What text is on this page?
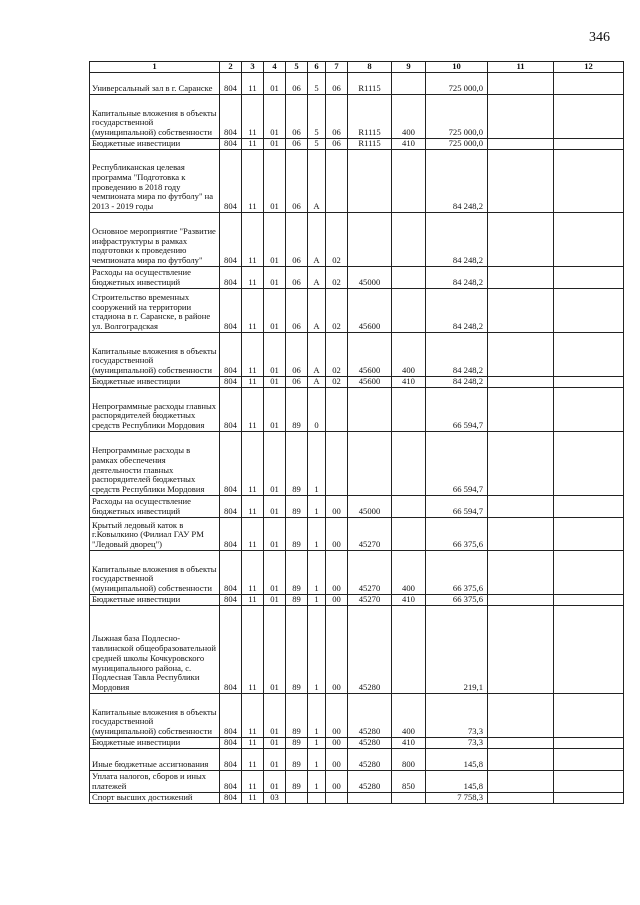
346
1	2	3	4	5	6	7	8	9	10	11	12
Универсальный зал в г. Саранске	804	11	01	06	5	06	R1115		725 000,0		
Капитальные вложения в объекты государственной (муниципальной) собственности	804	11	01	06	5	06	R1115	400	725 000,0		
Бюджетные инвестиции	804	11	01	06	5	06	R1115	410	725 000,0		
Республиканская целевая программа "Подготовка к проведению в 2018 году чемпионата мира по футболу" на 2013 - 2019 годы	804	11	01	06	A				84 248,2		
Основное мероприятие "Развитие инфраструктуры в рамках подготовки к проведению чемпионата мира по футболу"	804	11	01	06	A	02			84 248,2		
Расходы на осуществление бюджетных инвестиций	804	11	01	06	A	02	45000		84 248,2		
Строительство временных сооружений на территории стадиона в г. Саранске, в районе ул. Волгоградская	804	11	01	06	A	02	45600		84 248,2		
Капитальные вложения в объекты государственной (муниципальной) собственности	804	11	01	06	A	02	45600	400	84 248,2		
Бюджетные инвестиции	804	11	01	06	A	02	45600	410	84 248,2		
Непрограммные расходы главных распорядителей бюджетных средств Республики Мордовия	804	11	01	89	0				66 594,7		
Непрограммные расходы в рамках обеспечения деятельности главных распорядителей бюджетных средств Республики Мордовия	804	11	01	89	1				66 594,7		
Расходы на осуществление бюджетных инвестиций	804	11	01	89	1	00	45000		66 594,7		
Крытый ледовый каток в г.Ковылкино (Филиал ГАУ РМ "Ледовый дворец")	804	11	01	89	1	00	45270		66 375,6		
Капитальные вложения в объекты государственной (муниципальной) собственности	804	11	01	89	1	00	45270	400	66 375,6		
Бюджетные инвестиции	804	11	01	89	1	00	45270	410	66 375,6		
Лыжная база Подлесно-тавлинской общеобразовательной средней школы Кочкуровского муниципального района, с. Подлесная Тавла Республики Мордовия	804	11	01	89	1	00	45280		219,1		
Капитальные вложения в объекты государственной (муниципальной) собственности	804	11	01	89	1	00	45280	400	73,3		
Бюджетные инвестиции	804	11	01	89	1	00	45280	410	73,3		
Иные бюджетные ассигнования	804	11	01	89	1	00	45280	800	145,8		
Уплата налогов, сборов и иных платежей	804	11	01	89	1	00	45280	850	145,8		
Спорт высших достижений	804	11	03						7 758,3		
